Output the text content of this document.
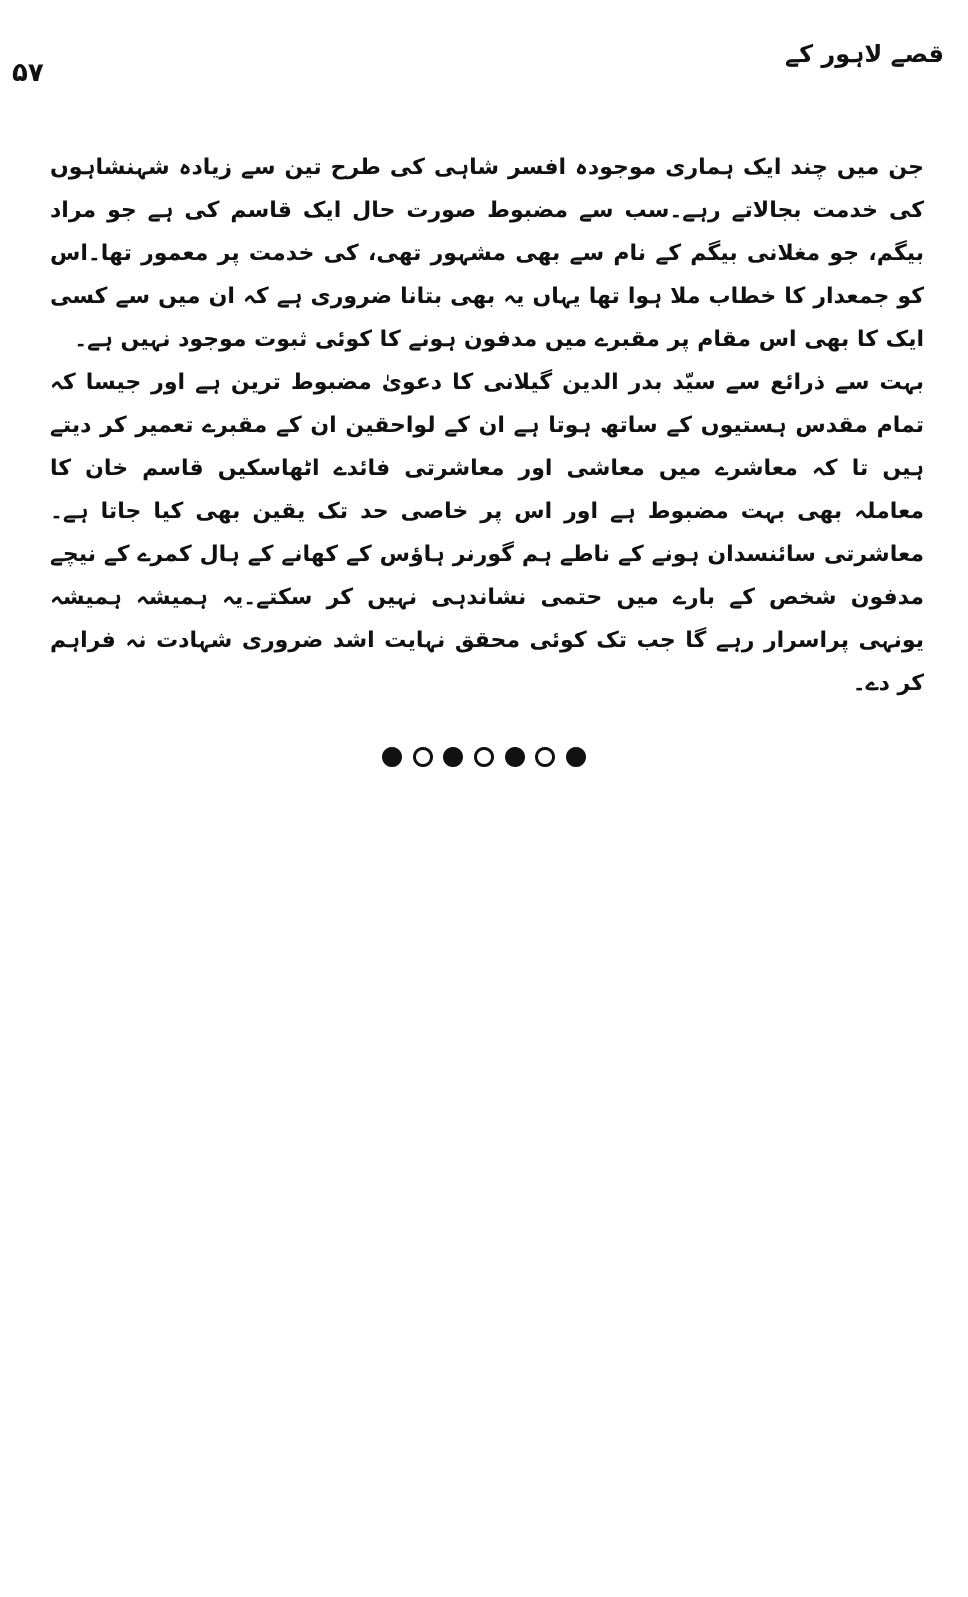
۵۷
قصے لاہور کے

جن میں چند ایک ہماری موجودہ افسر شاہی کی طرح تین سے زیادہ شہنشاہوں کی خدمت بجالاتے رہے۔سب سے مضبوط صورت حال ایک قاسم کی ہے جو مراد بیگم، جو مغلانی بیگم کے نام سے بھی مشہور تھی، کی خدمت پر معمور تھا۔اس کو جمعدار کا خطاب ملا ہوا تھا یہاں یہ بھی بتانا ضروری ہے کہ ان میں سے کسی ایک کا بھی اس مقام پر مقبرے میں مدفون ہونے کا کوئی ثبوت موجود نہیں ہے۔

بہت سے ذرائع سے سیّد بدر الدین گیلانی کا دعویٰ مضبوط ترین ہے اور جیسا کہ تمام مقدس ہستیوں کے ساتھ ہوتا ہے ان کے لواحقین ان کے مقبرے تعمیر کر دیتے ہیں تا کہ معاشرے میں معاشی اور معاشرتی فائدے اٹھاسکیں قاسم خان کا معاملہ بھی بہت مضبوط ہے اور اس پر خاصی حد تک یقین بھی کیا جاتا ہے۔معاشرتی سائنسدان ہونے کے ناطے ہم گورنر ہاؤس کے کھانے کے ہال کمرے کے نیچے مدفون شخص کے بارے میں حتمی نشاندہی نہیں کر سکتے۔یہ ہمیشہ ہمیشہ یونہی پراسرار رہے گا جب تک کوئی محقق نہایت اشد ضروری شہادت نہ فراہم کر دے۔
